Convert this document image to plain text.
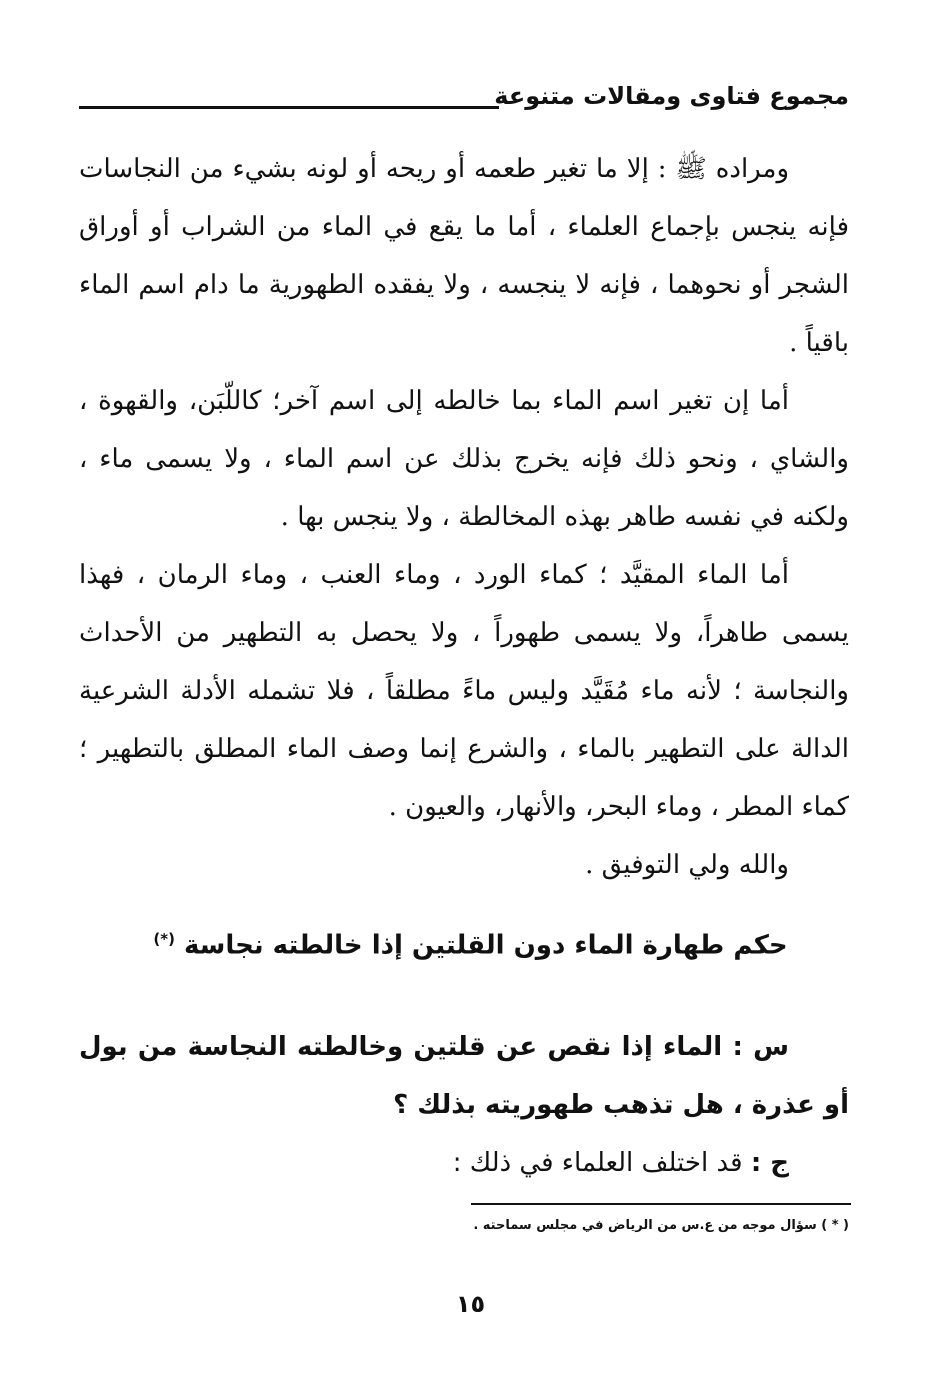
مجموع فتاوى ومقالات متنوعة

ومراده ﷺ : إلا ما تغير طعمه أو ريحه أو لونه بشيء من النجاسات فإنه ينجس بإجماع العلماء ، أما ما يقع في الماء من الشراب أو أوراق الشجر أو نحوهما ، فإنه لا ينجسه ، ولا يفقده الطهورية ما دام اسم الماء باقياً .

أما إن تغير اسم الماء بما خالطه إلى اسم آخر؛ كاللّبَن، والقهوة ، والشاي ، ونحو ذلك فإنه يخرج بذلك عن اسم الماء ، ولا يسمى ماء ، ولكنه في نفسه طاهر بهذه المخالطة ، ولا ينجس بها .

أما الماء المقيَّد ؛ كماء الورد ، وماء العنب ، وماء الرمان ، فهذا يسمى طاهراً، ولا يسمى طهوراً ، ولا يحصل به التطهير من الأحداث والنجاسة ؛ لأنه ماء مُقَيَّد وليس ماءً مطلقاً ، فلا تشمله الأدلة الشرعية الدالة على التطهير بالماء ، والشرع إنما وصف الماء المطلق بالتطهير ؛ كماء المطر ، وماء البحر، والأنهار، والعيون .

والله ولي التوفيق .

حكم طهارة الماء دون القلتين إذا خالطته نجاسة (*)

س : الماء إذا نقص عن قلتين وخالطته النجاسة من بول أو عذرة ، هل تذهب طهوريته بذلك ؟

ج : قد اختلف العلماء في ذلك :

( * ) سؤال موجه من ع.س من الرياض في مجلس سماحته .
١٥
